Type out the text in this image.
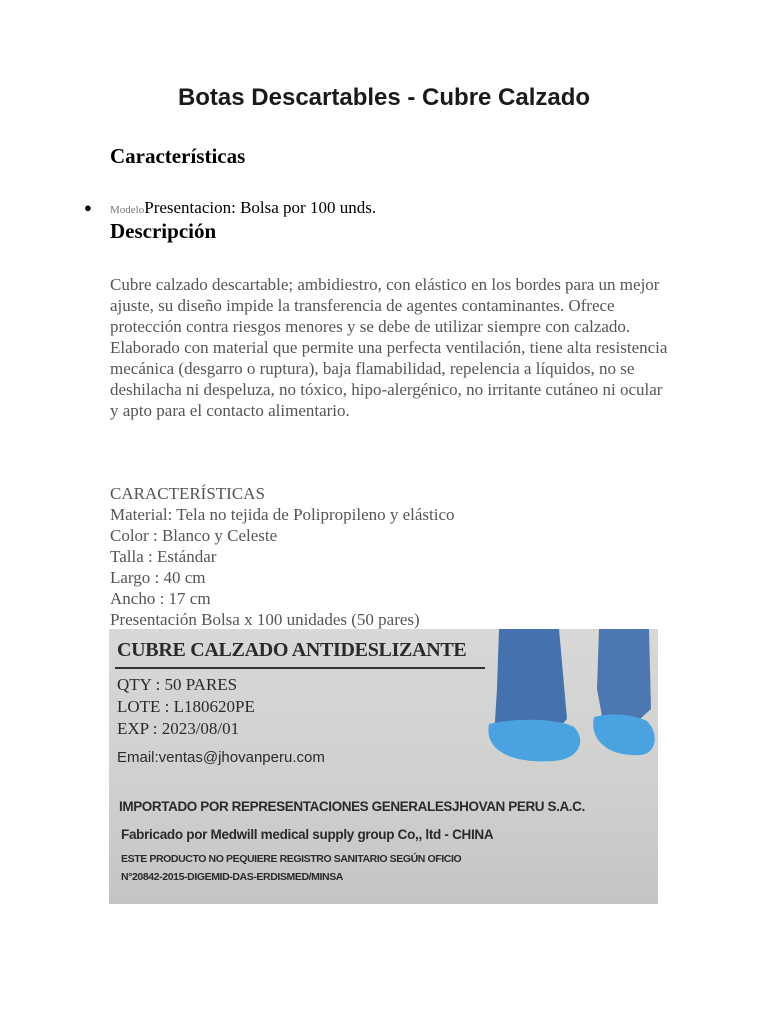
Botas Descartables - Cubre Calzado
Características
● ModeloPresentacion: Bolsa por 100 unds.
Descripción

Cubre calzado descartable; ambidiestro, con elástico en los bordes para un mejor ajuste, su diseño impide la transferencia de agentes contaminantes. Ofrece protección contra riesgos menores y se debe de utilizar siempre con calzado.

Elaborado con material que permite una perfecta ventilación, tiene alta resistencia mecánica (desgarro o ruptura), baja flamabilidad, repelencia a líquidos, no se deshilacha ni despeluza, no tóxico, hipo-alergénico, no irritante cutáneo ni ocular y apto para el contacto alimentario.

CARACTERÍSTICAS

Material: Tela no tejida de Polipropileno y elástico

Color : Blanco y Celeste

Talla : Estándar

Largo : 40 cm

Ancho : 17 cm

Presentación Bolsa x 100 unidades (50 pares)

CUBRE CALZADO ANTIDESLIZANTE
QTY : 50 PARES
LOTE : L180620PE
EXP : 2023/08/01
Email:ventas@jhovanperu.com
IMPORTADO POR REPRESENTACIONES GENERALESJHOVAN PERU S.A.C.
Fabricado por Medwill medical supply group Co,, ltd - CHINA
ESTE PRODUCTO NO PEQUIERE REGISTRO SANITARIO SEGÚN OFICIO
N°20842-2015-DIGEMID-DAS-ERDISMED/MINSA
